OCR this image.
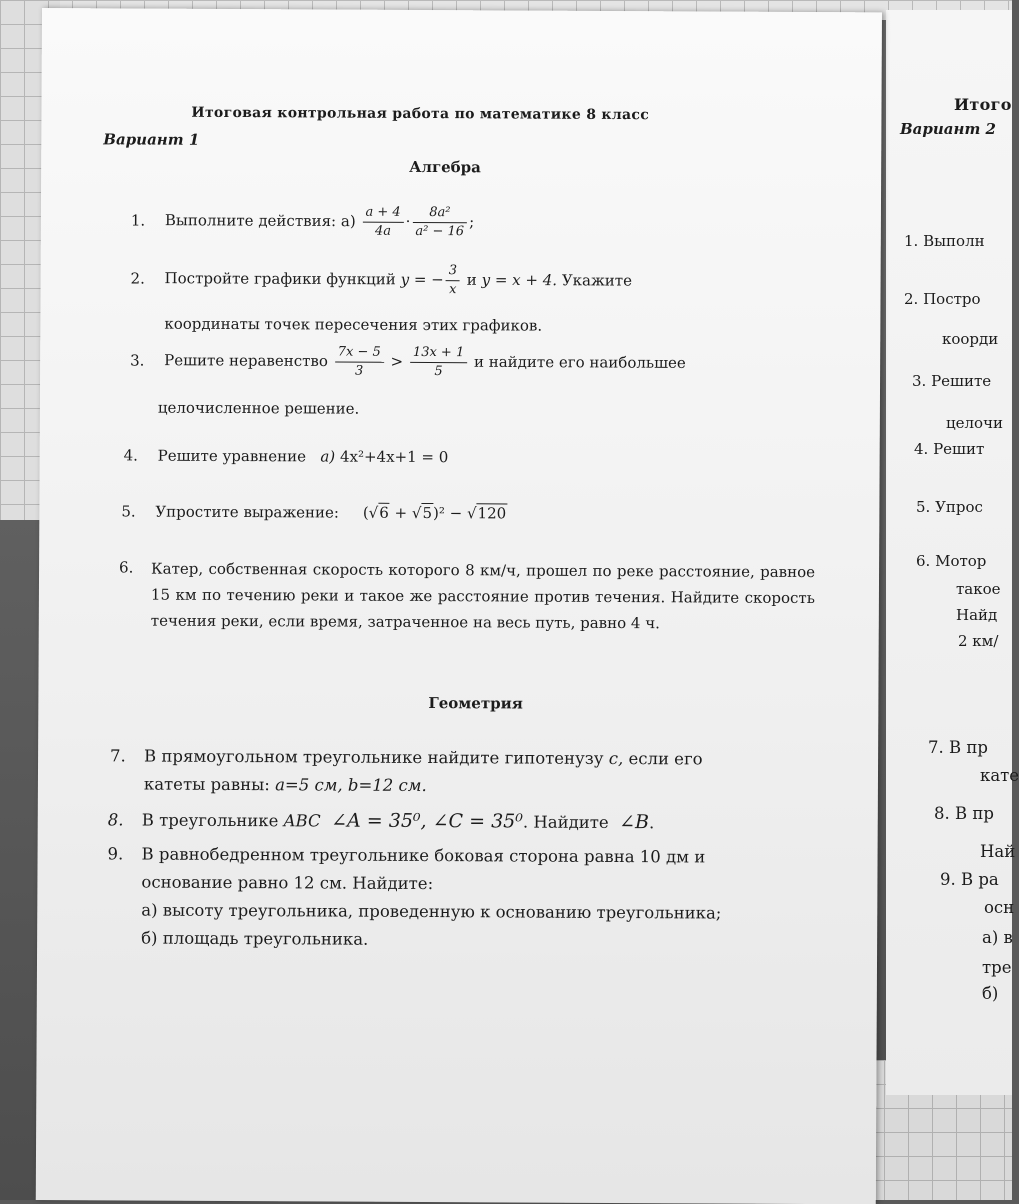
Итого
Вариант 2
1. Выполн
2. Постро
коорди
3. Решите
целочи
4. Решит
5. Упрос
6. Мотор
такое
Найд
2 км/
7. В пр
кате
8. В пр
Най
9. В ра
осн
а) в
тре
б)
Итоговая контрольная работа по математике 8 класс
Вариант 1
Алгебра
1. Выполните действия: $а) \frac{a + 4}{4a} \cdot \frac{\text{8a²}}{\text{a² − 16}}$ ;
2. Постройте графики функций y = − $\frac{3}{x}$ и y = x + 4. Укажите
координаты точек пересечения этих графиков.
3. Решите неравенство $\frac{7x - 5}{3} > \frac{13x + 1}{5}$ и найдите его наибольшее
целочисленное решение.
4. Решите уравнение а) 4x²+4x+1 = 0
5. Упростите выражение: (√6 + √5)² − √120
6. Катер, собственная скорость которого 8 км/ч, прошел по реке расстояние, равное 15 км по течению реки и такое же расстояние против течения. Найдите скорость течения реки, если время, затраченное на весь путь, равно 4 ч.
Геометрия
7. В прямоугольном треугольнике найдите гипотенузу c, если его
катеты равны: a=5 см, b=12 см.
8. В треугольнике ABC ∠A = 35⁰, ∠C = 35⁰. Найдите ∠B.
9. В равнобедренном треугольнике боковая сторона равна 10 дм и
основание равно 12 см. Найдите:
а) высоту треугольника, проведенную к основанию треугольника;
б) площадь треугольника.
